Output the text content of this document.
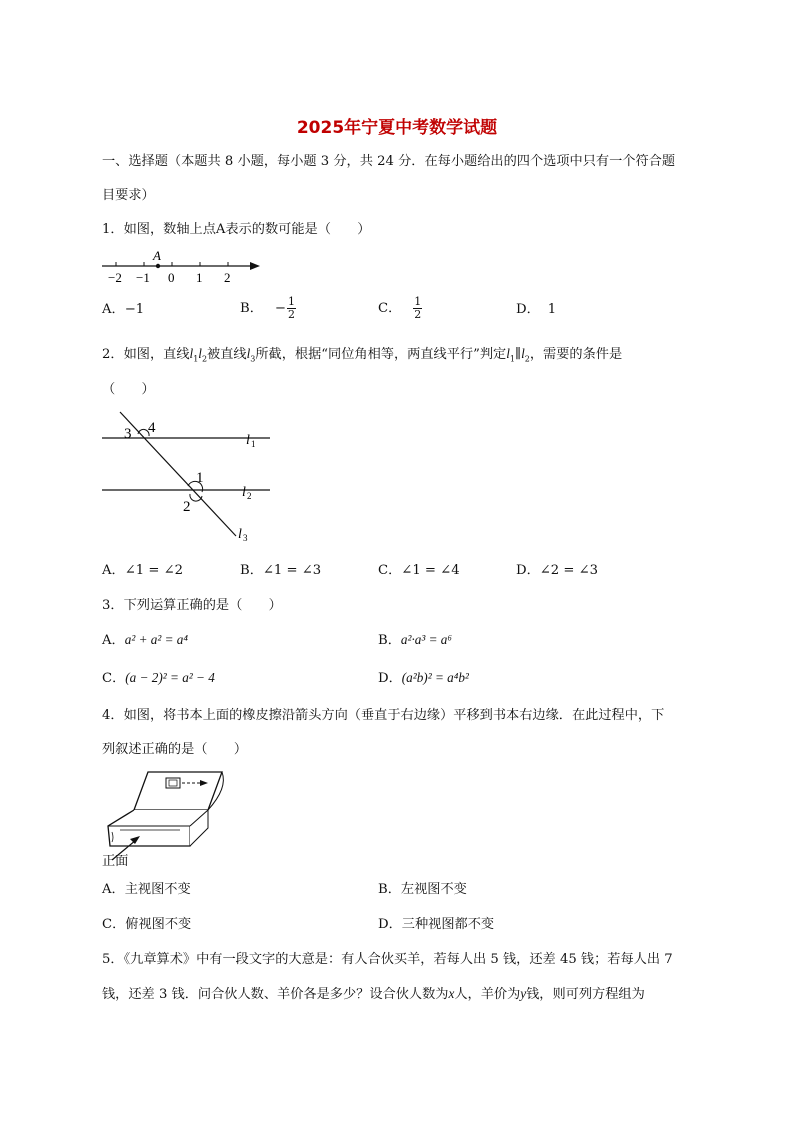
2025年宁夏中考数学试题
一、选择题（本题共 8 小题，每小题 3 分，共 24 分．在每小题给出的四个选项中只有一个符合题
目要求）
1．如图，数轴上点A表示的数可能是（　　）
A
−2 −1 0 1 2
A．−1	B． − $\frac{1}{2}$	C． $\frac{1}{2}$	D． 1
2．如图，直线$l_1l_2$被直线$l_3$所截，根据“同位角相等，两直线平行”判定$l_1\parallel l_2$，需要的条件是
（　　）
3 4
1
2
l 1
l 2
l 3
A．∠1 = ∠2	B．∠1 = ∠3	C．∠1 = ∠4	D．∠2 = ∠3
3．下列运算正确的是（　　）
A．a² + a² = a⁴	B．a²·a³ = a⁶
C．(a − 2)² = a² − 4	D．(a²b)² = a⁴b²
4．如图，将书本上面的橡皮擦沿箭头方向（垂直于右边缘）平移到书本右边缘．在此过程中，下
列叙述正确的是（　　）
正面
A．主视图不变	B．左视图不变
C．俯视图不变	D．三种视图都不变
5．《九章算术》中有一段文字的大意是：有人合伙买羊，若每人出 5 钱，还差 45 钱；若每人出 7
钱，还差 3 钱．问合伙人数、羊价各是多少？设合伙人数为x人，羊价为y钱，则可列方程组为
